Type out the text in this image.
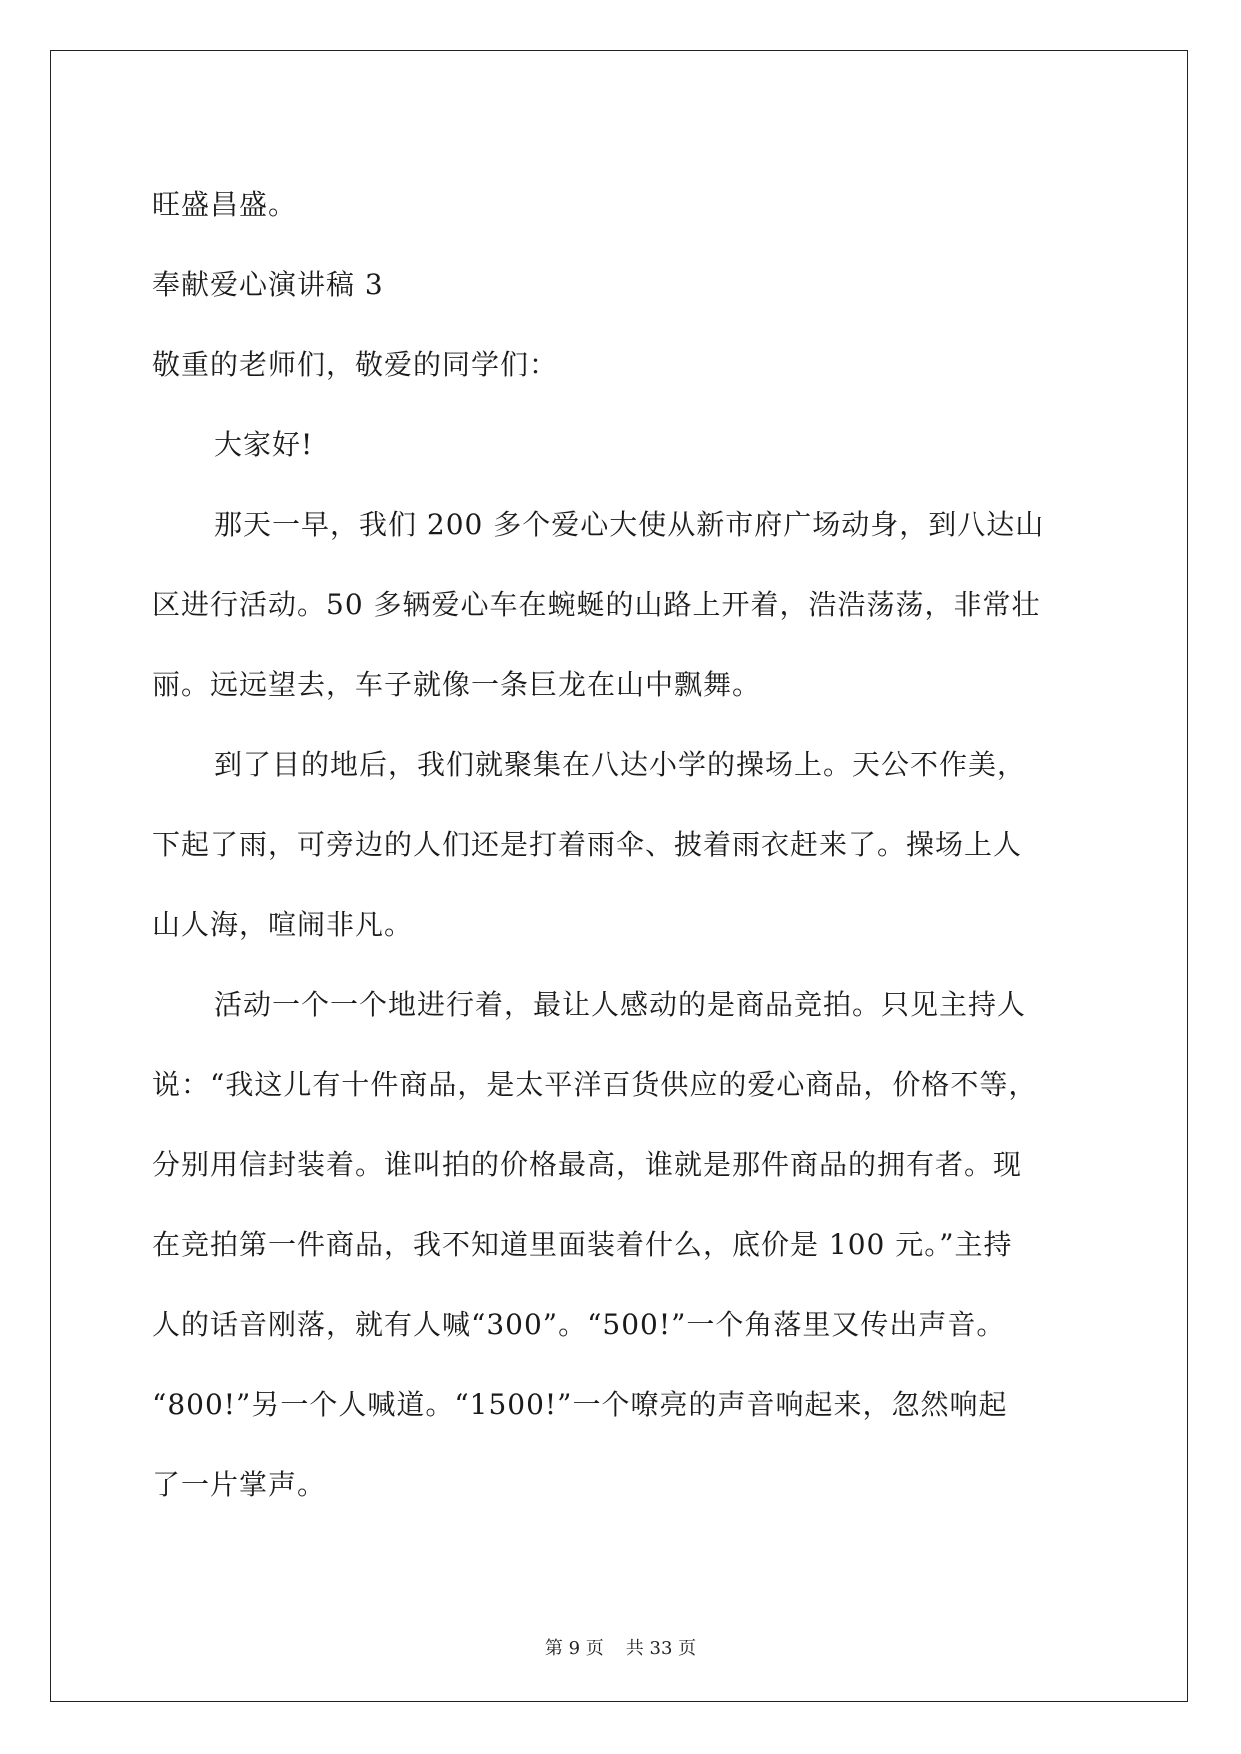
旺盛昌盛。
奉献爱心演讲稿 3
敬重的老师们，敬爱的同学们：
大家好!
那天一早，我们 200 多个爱心大使从新市府广场动身，到八达山
区进行活动。50 多辆爱心车在蜿蜒的山路上开着，浩浩荡荡，非常壮
丽。远远望去，车子就像一条巨龙在山中飘舞。
到了目的地后，我们就聚集在八达小学的操场上。天公不作美，
下起了雨，可旁边的人们还是打着雨伞、披着雨衣赶来了。操场上人
山人海，喧闹非凡。
活动一个一个地进行着，最让人感动的是商品竞拍。只见主持人
说：“我这儿有十件商品，是太平洋百货供应的爱心商品，价格不等，
分别用信封装着。谁叫拍的价格最高，谁就是那件商品的拥有者。现
在竞拍第一件商品，我不知道里面装着什么，底价是 100 元。”主持
人的话音刚落，就有人喊“300”。“500!”一个角落里又传出声音。
“800!”另一个人喊道。“1500!”一个嘹亮的声音响起来，忽然响起
了一片掌声。
第 9 页 共 33 页
